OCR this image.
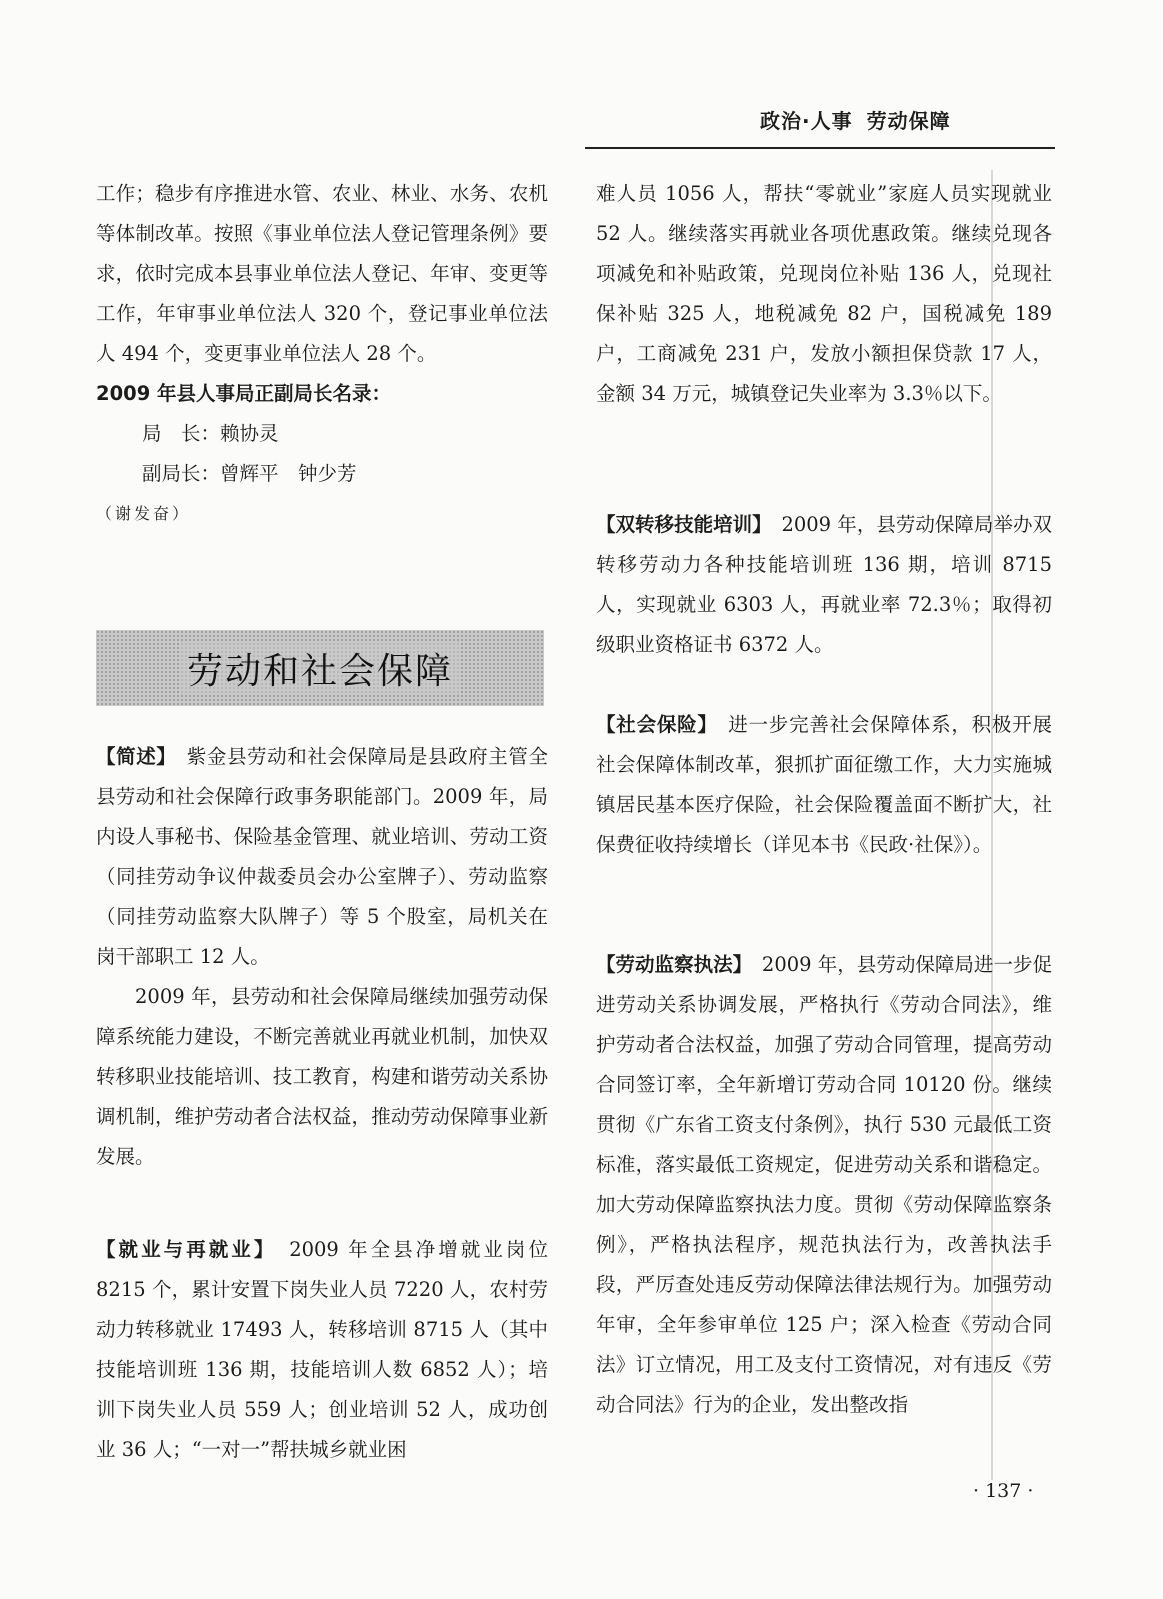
政治·人事 劳动保障

工作；稳步有序推进水管、农业、林业、水务、农机等体制改革。按照《事业单位法人登记管理条例》要求，依时完成本县事业单位法人登记、年审、变更等工作，年审事业单位法人 320 个，登记事业单位法人 494 个，变更事业单位法人 28 个。

2009 年县人事局正副局长名录：

局　长：赖协灵

副局长：曾辉平　钟少芳

（谢发奋）

劳动和社会保障

【简述】　紫金县劳动和社会保障局是县政府主管全县劳动和社会保障行政事务职能部门。2009 年，局内设人事秘书、保险基金管理、就业培训、劳动工资（同挂劳动争议仲裁委员会办公室牌子）、劳动监察（同挂劳动监察大队牌子）等 5 个股室，局机关在岗干部职工 12 人。

2009 年，县劳动和社会保障局继续加强劳动保障系统能力建设，不断完善就业再就业机制，加快双转移职业技能培训、技工教育，构建和谐劳动关系协调机制，维护劳动者合法权益，推动劳动保障事业新发展。

【就业与再就业】　2009 年全县净增就业岗位 8215 个，累计安置下岗失业人员 7220 人，农村劳动力转移就业 17493 人，转移培训 8715 人（其中技能培训班 136 期，技能培训人数 6852 人）；培训下岗失业人员 559 人；创业培训 52 人，成功创业 36 人；“一对一”帮扶城乡就业困

难人员 1056 人，帮扶“零就业”家庭人员实现就业 52 人。继续落实再就业各项优惠政策。继续兑现各项减免和补贴政策，兑现岗位补贴 136 人，兑现社保补贴 325 人，地税减免 82 户，国税减免 189 户，工商减免 231 户，发放小额担保贷款 17 人，金额 34 万元，城镇登记失业率为 3.3％以下。

【双转移技能培训】　2009 年，县劳动保障局举办双转移劳动力各种技能培训班 136 期，培训 8715 人，实现就业 6303 人，再就业率 72.3％；取得初级职业资格证书 6372 人。

【社会保险】　进一步完善社会保障体系，积极开展社会保障体制改革，狠抓扩面征缴工作，大力实施城镇居民基本医疗保险，社会保险覆盖面不断扩大，社保费征收持续增长（详见本书《民政·社保》）。

【劳动监察执法】　2009 年，县劳动保障局进一步促进劳动关系协调发展，严格执行《劳动合同法》，维护劳动者合法权益，加强了劳动合同管理，提高劳动合同签订率，全年新增订劳动合同 10120 份。继续贯彻《广东省工资支付条例》，执行 530 元最低工资标准，落实最低工资规定，促进劳动关系和谐稳定。加大劳动保障监察执法力度。贯彻《劳动保障监察条例》，严格执法程序，规范执法行为，改善执法手段，严厉查处违反劳动保障法律法规行为。加强劳动年审，全年参审单位 125 户；深入检查《劳动合同法》订立情况，用工及支付工资情况，对有违反《劳动合同法》行为的企业，发出整改指

· 137 ·
